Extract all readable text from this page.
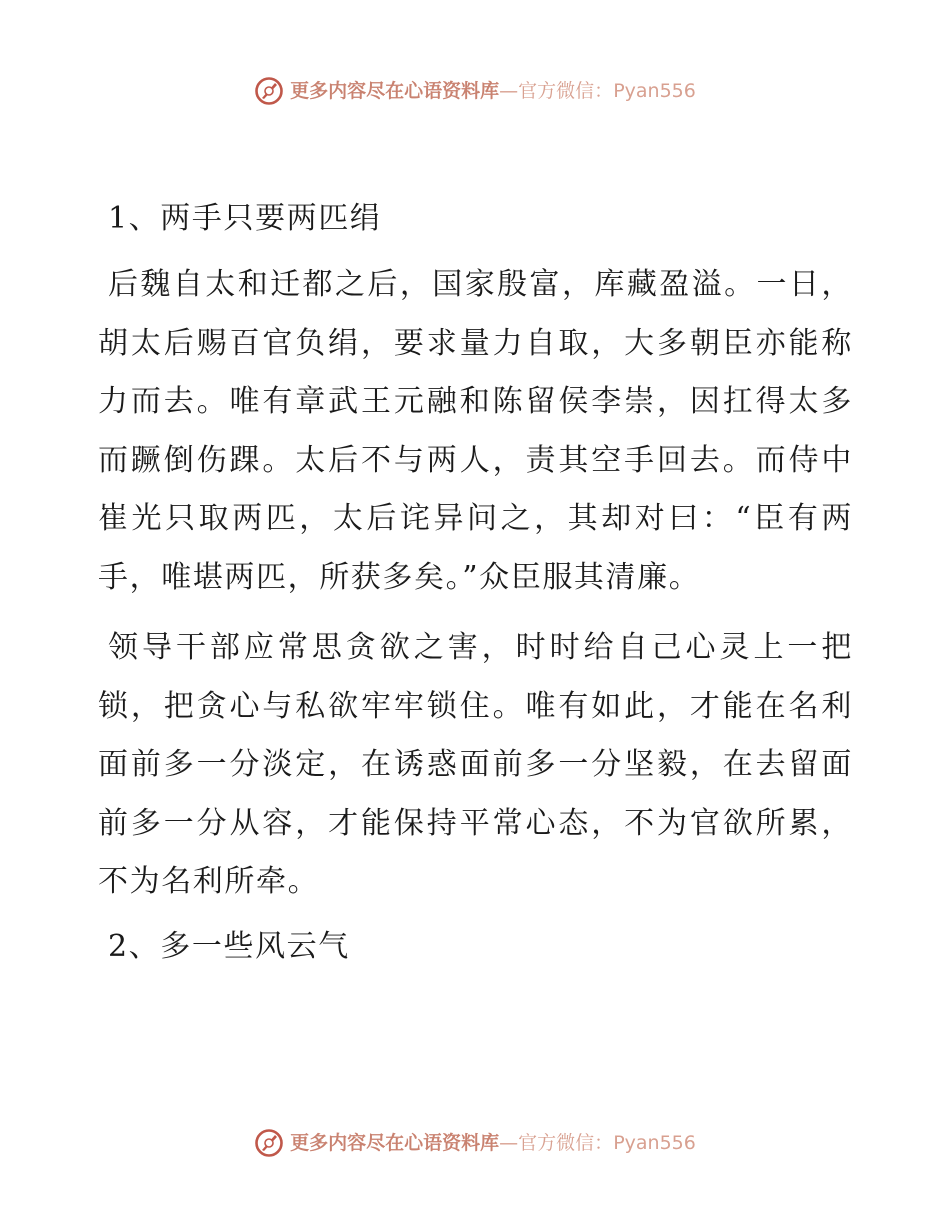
更多内容尽在心语资料库—官方微信：Pyan556
1、两手只要两匹绢

后魏自太和迁都之后，国家殷富，库藏盈溢。一日，胡太后赐百官负绢，要求量力自取，大多朝臣亦能称力而去。唯有章武王元融和陈留侯李崇，因扛得太多而蹶倒伤踝。太后不与两人，责其空手回去。而侍中崔光只取两匹，太后诧异问之，其却对曰：“臣有两手，唯堪两匹，所获多矣。”众臣服其清廉。

领导干部应常思贪欲之害，时时给自己心灵上一把锁，把贪心与私欲牢牢锁住。唯有如此，才能在名利面前多一分淡定，在诱惑面前多一分坚毅，在去留面前多一分从容，才能保持平常心态，不为官欲所累，不为名利所牵。

2、多一些风云气
更多内容尽在心语资料库—官方微信：Pyan556
